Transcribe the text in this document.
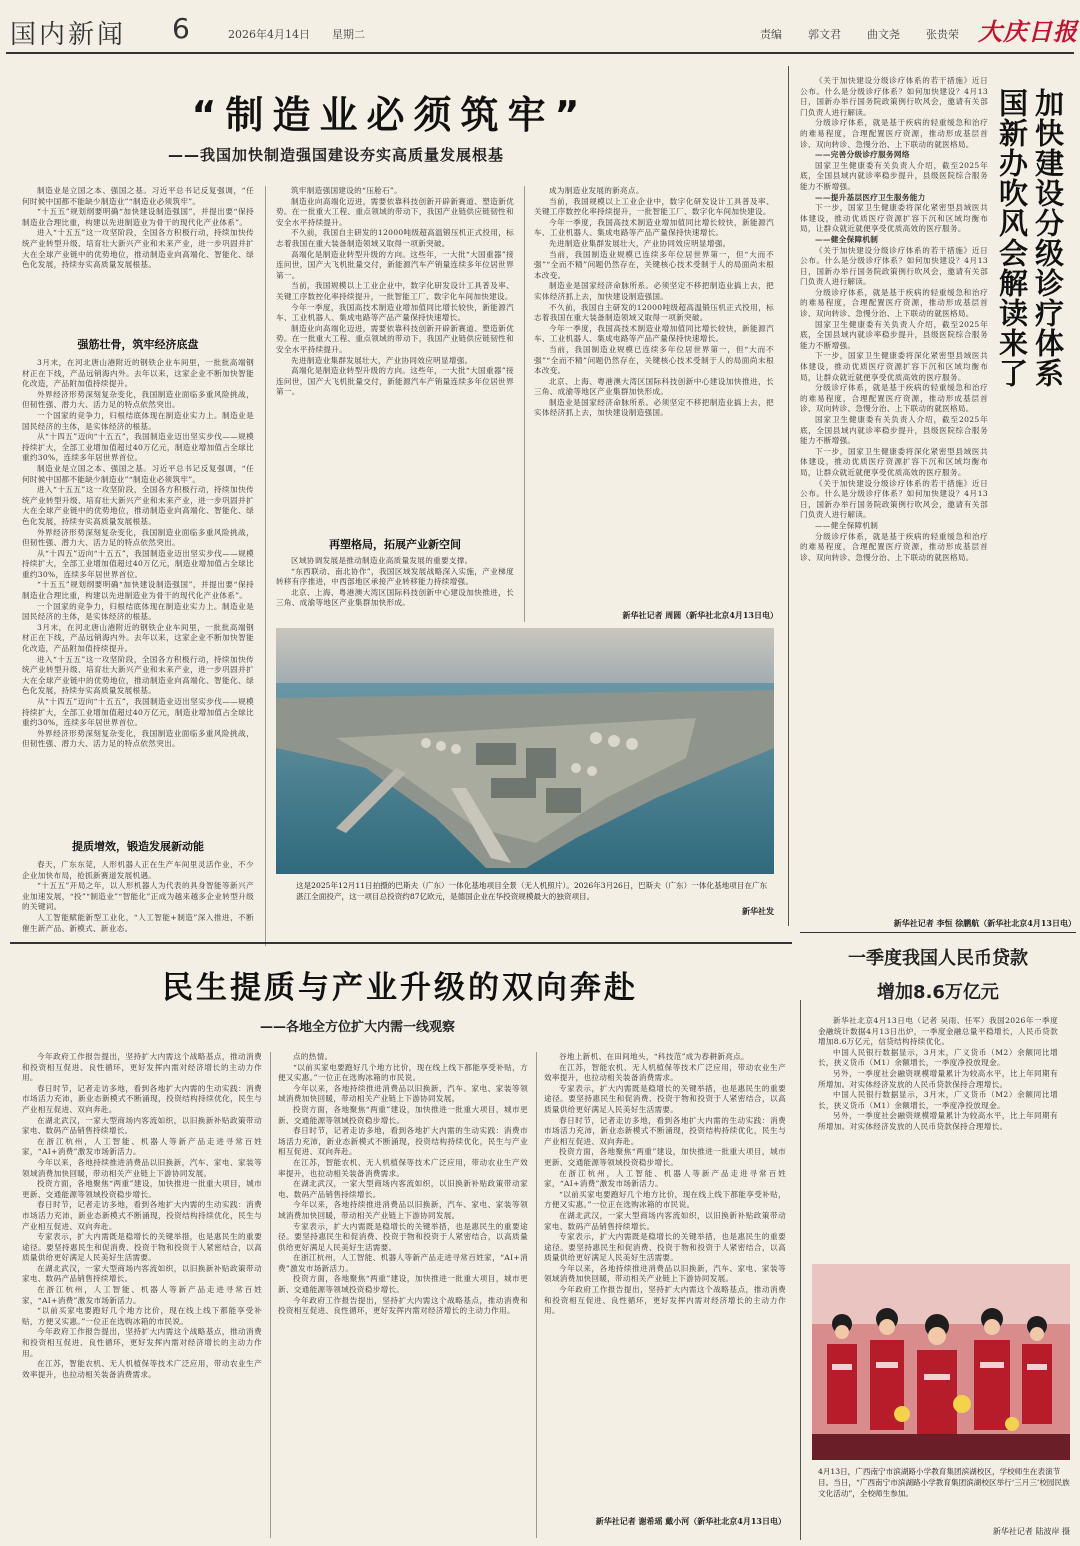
国内新闻 6	2026年4月14日 星期二	责编 郭文君 曲文尧 张贵荣 大庆日报
“制造业必须筑牢”
——我国加快制造强国建设夯实高质量发展根基

制造业是立国之本、强国之基。习近平总书记反复强调，“任何时候中国都不能缺少制造业”“制造业必须筑牢”。

“十五五”规划纲要明确“加快建设制造强国”，并提出要“保持制造业合理比重，构建以先进制造业为骨干的现代化产业体系”。

进入“十五五”这一攻坚阶段，全国各方积极行动，持续加快传统产业转型升级、培育壮大新兴产业和未来产业，进一步巩固并扩大在全球产业链中的优势地位，推动制造业向高端化、智能化、绿色化发展，持续夯实高质量发展根基。

强筋壮骨，筑牢经济底盘

3月末，在河北唐山港附近的钢铁企业车间里，一批批高端钢材正在下线，产品远销海内外。去年以来，这家企业不断加快智能化改造，产品附加值持续提升。

外界经济形势深刻复杂变化，我国制造业面临多重风险挑战，但韧性强、潜力大、活力足的特点依然突出。

一个国家的竞争力，归根结底体现在制造业实力上。制造业是国民经济的主体，是实体经济的根基。

从“十四五”迈向“十五五”，我国制造业迈出坚实步伐——规模持续扩大，全部工业增加值超过40万亿元，制造业增加值占全球比重约30%，连续多年居世界首位。

制造业是立国之本、强国之基。习近平总书记反复强调，“任何时候中国都不能缺少制造业”“制造业必须筑牢”。

进入“十五五”这一攻坚阶段，全国各方积极行动，持续加快传统产业转型升级、培育壮大新兴产业和未来产业，进一步巩固并扩大在全球产业链中的优势地位，推动制造业向高端化、智能化、绿色化发展，持续夯实高质量发展根基。

外界经济形势深刻复杂变化，我国制造业面临多重风险挑战，但韧性强、潜力大、活力足的特点依然突出。

从“十四五”迈向“十五五”，我国制造业迈出坚实步伐——规模持续扩大，全部工业增加值超过40万亿元，制造业增加值占全球比重约30%，连续多年居世界首位。

“十五五”规划纲要明确“加快建设制造强国”，并提出要“保持制造业合理比重，构建以先进制造业为骨干的现代化产业体系”。

一个国家的竞争力，归根结底体现在制造业实力上。制造业是国民经济的主体，是实体经济的根基。

3月末，在河北唐山港附近的钢铁企业车间里，一批批高端钢材正在下线，产品远销海内外。去年以来，这家企业不断加快智能化改造，产品附加值持续提升。

进入“十五五”这一攻坚阶段，全国各方积极行动，持续加快传统产业转型升级、培育壮大新兴产业和未来产业，进一步巩固并扩大在全球产业链中的优势地位，推动制造业向高端化、智能化、绿色化发展，持续夯实高质量发展根基。

从“十四五”迈向“十五五”，我国制造业迈出坚实步伐——规模持续扩大，全部工业增加值超过40万亿元，制造业增加值占全球比重约30%，连续多年居世界首位。

外界经济形势深刻复杂变化，我国制造业面临多重风险挑战，但韧性强、潜力大、活力足的特点依然突出。

提质增效，锻造发展新动能

春天，广东东莞，人形机器人正在生产车间里灵活作业，不少企业加快布局，抢抓新赛道发展机遇。

“十五五”开局之年，以人形机器人为代表的具身智能等新兴产业加速发展，“投”“制造业”“智能化”正成为越来越多企业转型升级的关键词。

人工智能赋能新型工业化，“人工智能+制造”深入推进，不断催生新产品、新模式、新业态。

筑牢制造强国建设的“压舱石”。

制造业向高端化迈进，需要依靠科技创新开辟新赛道、塑造新优势。在一批重大工程、重点领域的带动下，我国产业链供应链韧性和安全水平持续提升。

不久前，我国自主研发的12000吨级超高温锻压机正式投用，标志着我国在重大装备制造领域又取得一项新突破。

高端化是制造业转型升级的方向。这些年，一大批“大国重器”接连问世，国产大飞机批量交付，新能源汽车产销量连续多年位居世界第一。

当前，我国规模以上工业企业中，数字化研发设计工具普及率、关键工序数控化率持续提升，一批智能工厂、数字化车间加快建设。

今年一季度，我国高技术制造业增加值同比增长较快，新能源汽车、工业机器人、集成电路等产品产量保持快速增长。

制造业向高端化迈进，需要依靠科技创新开辟新赛道、塑造新优势。在一批重大工程、重点领域的带动下，我国产业链供应链韧性和安全水平持续提升。

先进制造业集群发展壮大，产业协同效应明显增强。

高端化是制造业转型升级的方向。这些年，一大批“大国重器”接连问世，国产大飞机批量交付，新能源汽车产销量连续多年位居世界第一。

再塑格局，拓展产业新空间

区域协调发展是推动制造业高质量发展的重要支撑。

“东西联动、南北协作”，我国区域发展战略深入实施，产业梯度转移有序推进，中西部地区承接产业转移能力持续增强。

北京、上海、粤港澳大湾区国际科技创新中心建设加快推进，长三角、成渝等地区产业集群加快形成。

成为制造业发展的新亮点。

当前，我国规模以上工业企业中，数字化研发设计工具普及率、关键工序数控化率持续提升，一批智能工厂、数字化车间加快建设。

今年一季度，我国高技术制造业增加值同比增长较快，新能源汽车、工业机器人、集成电路等产品产量保持快速增长。

先进制造业集群发展壮大，产业协同效应明显增强。

当前，我国制造业规模已连续多年位居世界第一，但“大而不强”“全而不精”问题仍然存在，关键核心技术受制于人的局面尚未根本改变。

制造业是国家经济命脉所系。必须坚定不移把制造业搞上去，把实体经济抓上去，加快建设制造强国。

不久前，我国自主研发的12000吨级超高温锻压机正式投用，标志着我国在重大装备制造领域又取得一项新突破。

今年一季度，我国高技术制造业增加值同比增长较快，新能源汽车、工业机器人、集成电路等产品产量保持快速增长。

当前，我国制造业规模已连续多年位居世界第一，但“大而不强”“全而不精”问题仍然存在，关键核心技术受制于人的局面尚未根本改变。

北京、上海、粤港澳大湾区国际科技创新中心建设加快推进，长三角、成渝等地区产业集群加快形成。

制造业是国家经济命脉所系。必须坚定不移把制造业搞上去，把实体经济抓上去，加快建设制造强国。

新华社记者 周圆（新华社北京4月13日电）
这是2025年12月11日拍摄的巴斯夫（广东）一体化基地项目全景（无人机照片）。2026年3月26日，巴斯夫（广东）一体化基地项目在广东湛江全面投产，这一项目总投资约87亿欧元，是德国企业在华投资规模最大的独资项目。
新华社发

《关于加快建设分级诊疗体系的若干措施》近日公布。什么是分级诊疗体系？如何加快建设？4月13日，国新办举行国务院政策例行吹风会，邀请有关部门负责人进行解读。

分级诊疗体系，就是基于疾病的轻重缓急和治疗的难易程度，合理配置医疗资源，推动形成基层首诊、双向转诊、急慢分治、上下联动的就医格局。

——完善分级诊疗服务网络

国家卫生健康委有关负责人介绍，截至2025年底，全国县域内就诊率稳步提升，县级医院综合服务能力不断增强。

——提升基层医疗卫生服务能力

下一步，国家卫生健康委将深化紧密型县域医共体建设，推动优质医疗资源扩容下沉和区域均衡布局，让群众就近就便享受优质高效的医疗服务。

——健全保障机制

《关于加快建设分级诊疗体系的若干措施》近日公布。什么是分级诊疗体系？如何加快建设？4月13日，国新办举行国务院政策例行吹风会，邀请有关部门负责人进行解读。

分级诊疗体系，就是基于疾病的轻重缓急和治疗的难易程度，合理配置医疗资源，推动形成基层首诊、双向转诊、急慢分治、上下联动的就医格局。

国家卫生健康委有关负责人介绍，截至2025年底，全国县域内就诊率稳步提升，县级医院综合服务能力不断增强。

下一步，国家卫生健康委将深化紧密型县域医共体建设，推动优质医疗资源扩容下沉和区域均衡布局，让群众就近就便享受优质高效的医疗服务。

分级诊疗体系，就是基于疾病的轻重缓急和治疗的难易程度，合理配置医疗资源，推动形成基层首诊、双向转诊、急慢分治、上下联动的就医格局。

国家卫生健康委有关负责人介绍，截至2025年底，全国县域内就诊率稳步提升，县级医院综合服务能力不断增强。

下一步，国家卫生健康委将深化紧密型县域医共体建设，推动优质医疗资源扩容下沉和区域均衡布局，让群众就近就便享受优质高效的医疗服务。

《关于加快建设分级诊疗体系的若干措施》近日公布。什么是分级诊疗体系？如何加快建设？4月13日，国新办举行国务院政策例行吹风会，邀请有关部门负责人进行解读。

——健全保障机制

分级诊疗体系，就是基于疾病的轻重缓急和治疗的难易程度，合理配置医疗资源，推动形成基层首诊、双向转诊、急慢分治、上下联动的就医格局。

加快建设分级诊疗体系 国新办吹风会解读来了
新华社记者 李恒 徐鹏航（新华社北京4月13日电）
一季度我国人民币贷款
增加8.6万亿元

新华社北京4月13日电（记者 吴雨、任军）我国2026年一季度金融统计数据4月13日出炉，一季度金融总量平稳增长，人民币贷款增加8.6万亿元，信贷结构持续优化。

中国人民银行数据显示，3月末，广义货币（M2）余额同比增长，狭义货币（M1）余额增长，一季度净投放现金。

另外，一季度社会融资规模增量累计为较高水平，比上年同期有所增加。对实体经济发放的人民币贷款保持合理增长。

中国人民银行数据显示，3月末，广义货币（M2）余额同比增长，狭义货币（M1）余额增长，一季度净投放现金。

另外，一季度社会融资规模增量累计为较高水平，比上年同期有所增加。对实体经济发放的人民币贷款保持合理增长。

4月13日，广西南宁市滨湖路小学教育集团滨湖校区，学校师生在表演节目。当日，“广西南宁市滨湖路小学教育集团滨湖校区举行‘三月三’校园民族文化活动”，全校师生参加。
新华社记者 陆波岸 摄
民生提质与产业升级的双向奔赴
——各地全方位扩大内需一线观察

今年政府工作报告提出，坚持扩大内需这个战略基点，推动消费和投资相互促进、良性循环，更好发挥内需对经济增长的主动力作用。

春日时节，记者走访多地，看到各地扩大内需的生动实践：消费市场活力充沛，新业态新模式不断涌现，投资结构持续优化，民生与产业相互促进、双向奔赴。

在湖北武汉，一家大型商场内客流如织，以旧换新补贴政策带动家电、数码产品销售持续增长。

在浙江杭州，人工智能、机器人等新产品走进寻常百姓家，“AI+消费”激发市场新活力。

今年以来，各地持续推进消费品以旧换新，汽车、家电、家装等领域消费加快回暖，带动相关产业链上下游协同发展。

投资方面，各地聚焦“两重”建设，加快推进一批重大项目，城市更新、交通能源等领域投资稳步增长。

春日时节，记者走访多地，看到各地扩大内需的生动实践：消费市场活力充沛，新业态新模式不断涌现，投资结构持续优化，民生与产业相互促进、双向奔赴。

专家表示，扩大内需既是稳增长的关键举措，也是惠民生的重要途径。要坚持惠民生和促消费、投资于物和投资于人紧密结合，以高质量供给更好满足人民美好生活需要。

在湖北武汉，一家大型商场内客流如织，以旧换新补贴政策带动家电、数码产品销售持续增长。

在浙江杭州，人工智能、机器人等新产品走进寻常百姓家，“AI+消费”激发市场新活力。

“以前买家电要跑好几个地方比价，现在线上线下都能享受补贴，方便又实惠。”一位正在选购冰箱的市民说。

今年政府工作报告提出，坚持扩大内需这个战略基点，推动消费和投资相互促进、良性循环，更好发挥内需对经济增长的主动力作用。

在江苏，智能农机、无人机植保等技术广泛应用，带动农业生产效率提升，也拉动相关装备消费需求。

点的热情。

“以前买家电要跑好几个地方比价，现在线上线下都能享受补贴，方便又实惠。”一位正在选购冰箱的市民说。

今年以来，各地持续推进消费品以旧换新，汽车、家电、家装等领域消费加快回暖，带动相关产业链上下游协同发展。

投资方面，各地聚焦“两重”建设，加快推进一批重大项目，城市更新、交通能源等领域投资稳步增长。

春日时节，记者走访多地，看到各地扩大内需的生动实践：消费市场活力充沛，新业态新模式不断涌现，投资结构持续优化，民生与产业相互促进、双向奔赴。

在江苏，智能农机、无人机植保等技术广泛应用，带动农业生产效率提升，也拉动相关装备消费需求。

在湖北武汉，一家大型商场内客流如织，以旧换新补贴政策带动家电、数码产品销售持续增长。

今年以来，各地持续推进消费品以旧换新，汽车、家电、家装等领域消费加快回暖，带动相关产业链上下游协同发展。

专家表示，扩大内需既是稳增长的关键举措，也是惠民生的重要途径。要坚持惠民生和促消费、投资于物和投资于人紧密结合，以高质量供给更好满足人民美好生活需要。

在浙江杭州，人工智能、机器人等新产品走进寻常百姓家，“AI+消费”激发市场新活力。

投资方面，各地聚焦“两重”建设，加快推进一批重大项目，城市更新、交通能源等领域投资稳步增长。

今年政府工作报告提出，坚持扩大内需这个战略基点，推动消费和投资相互促进、良性循环，更好发挥内需对经济增长的主动力作用。

谷地上新机、在田间地头，“科技范”成为春耕新亮点。

在江苏，智能农机、无人机植保等技术广泛应用，带动农业生产效率提升，也拉动相关装备消费需求。

专家表示，扩大内需既是稳增长的关键举措，也是惠民生的重要途径。要坚持惠民生和促消费、投资于物和投资于人紧密结合，以高质量供给更好满足人民美好生活需要。

春日时节，记者走访多地，看到各地扩大内需的生动实践：消费市场活力充沛，新业态新模式不断涌现，投资结构持续优化，民生与产业相互促进、双向奔赴。

投资方面，各地聚焦“两重”建设，加快推进一批重大项目，城市更新、交通能源等领域投资稳步增长。

在浙江杭州，人工智能、机器人等新产品走进寻常百姓家，“AI+消费”激发市场新活力。

“以前买家电要跑好几个地方比价，现在线上线下都能享受补贴，方便又实惠。”一位正在选购冰箱的市民说。

在湖北武汉，一家大型商场内客流如织，以旧换新补贴政策带动家电、数码产品销售持续增长。

专家表示，扩大内需既是稳增长的关键举措，也是惠民生的重要途径。要坚持惠民生和促消费、投资于物和投资于人紧密结合，以高质量供给更好满足人民美好生活需要。

今年以来，各地持续推进消费品以旧换新，汽车、家电、家装等领域消费加快回暖，带动相关产业链上下游协同发展。

今年政府工作报告提出，坚持扩大内需这个战略基点，推动消费和投资相互促进、良性循环，更好发挥内需对经济增长的主动力作用。

新华社记者 谢希瑶 戴小河（新华社北京4月13日电）
